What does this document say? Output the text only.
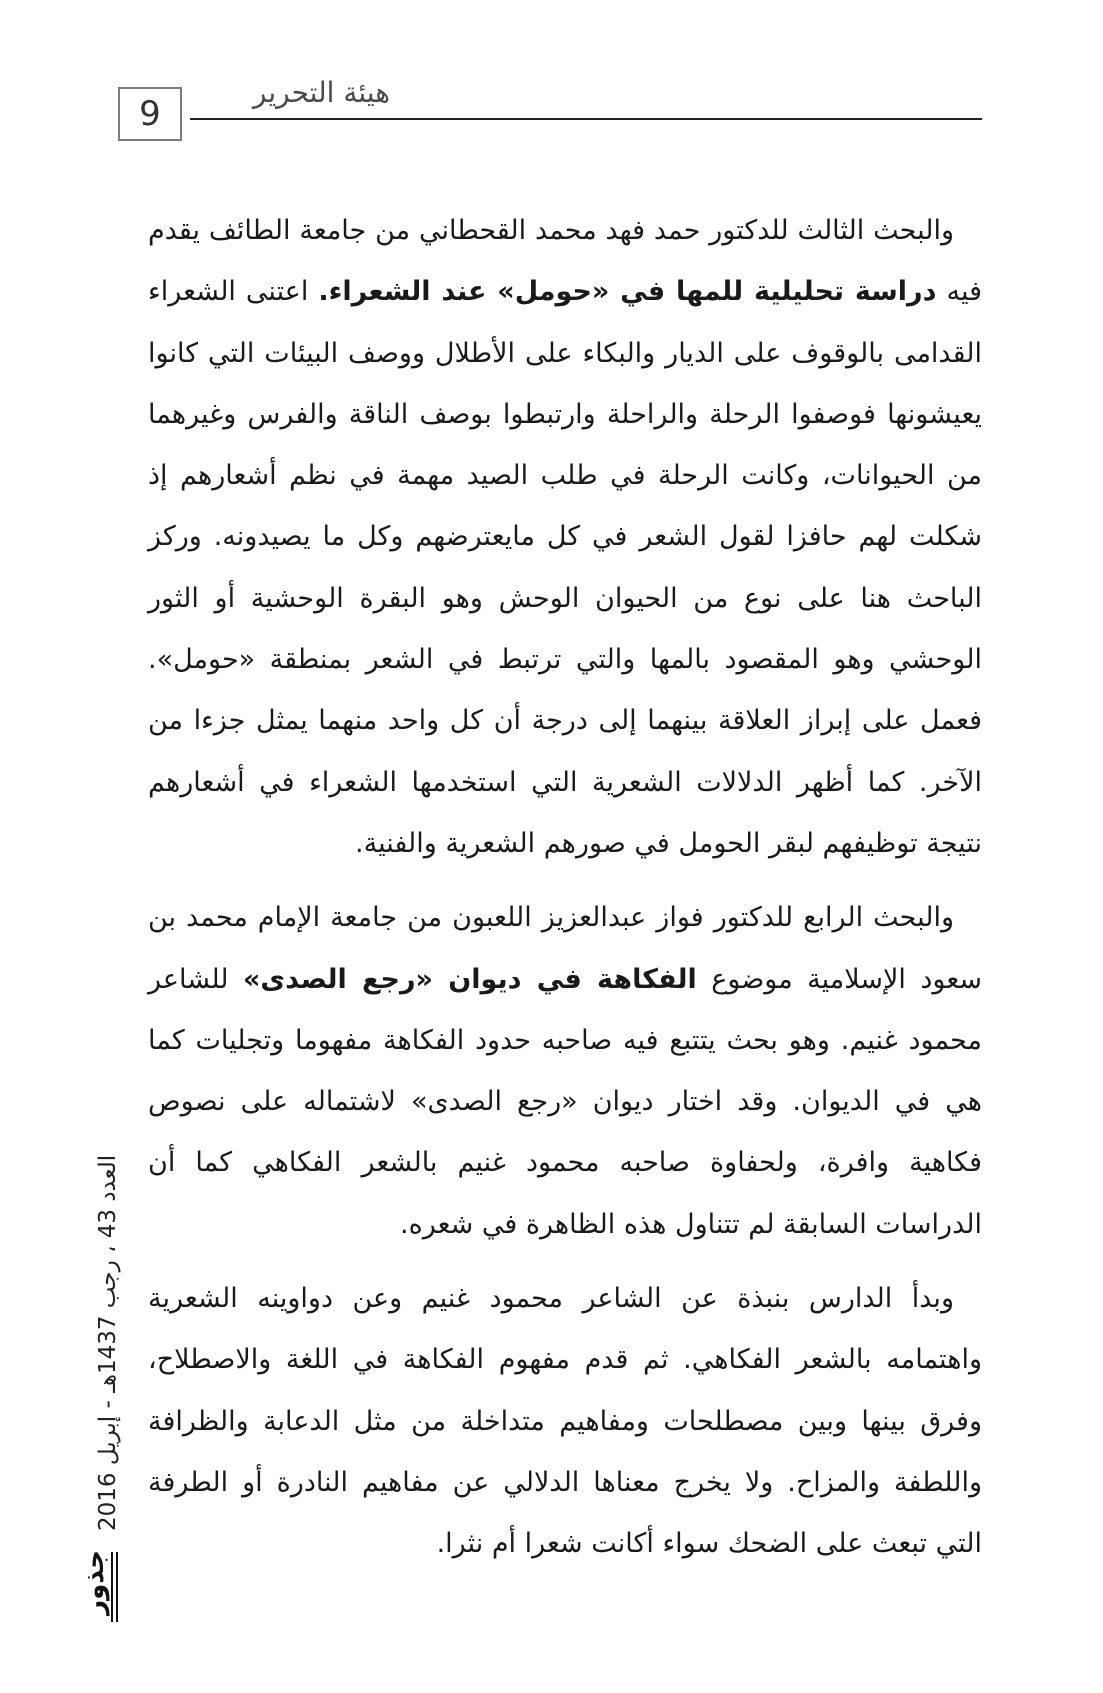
9
هيئة التحرير

والبحث الثالث للدكتور حمد فهد محمد القحطاني من جامعة الطائف يقدم فيه دراسة تحليلية للمها في «حومل» عند الشعراء. اعتنى الشعراء القدامى بالوقوف على الديار والبكاء على الأطلال ووصف البيئات التي كانوا يعيشونها فوصفوا الرحلة والراحلة وارتبطوا بوصف الناقة والفرس وغيرهما من الحيوانات، وكانت الرحلة في طلب الصيد مهمة في نظم أشعارهم إذ شكلت لهم حافزا لقول الشعر في كل مايعترضهم وكل ما يصيدونه. وركز الباحث هنا على نوع من الحيوان الوحش وهو البقرة الوحشية أو الثور الوحشي وهو المقصود بالمها والتي ترتبط في الشعر بمنطقة «حومل». فعمل على إبراز العلاقة بينهما إلى درجة أن كل واحد منهما يمثل جزءا من الآخر. كما أظهر الدلالات الشعرية التي استخدمها الشعراء في أشعارهم نتيجة توظيفهم لبقر الحومل في صورهم الشعرية والفنية.

والبحث الرابع للدكتور فواز عبدالعزيز اللعبون من جامعة الإمام محمد بن سعود الإسلامية موضوع الفكاهة في ديوان «رجع الصدى» للشاعر محمود غنيم. وهو بحث يتتبع فيه صاحبه حدود الفكاهة مفهوما وتجليات كما هي في الديوان. وقد اختار ديوان «رجع الصدى» لاشتماله على نصوص فكاهية وافرة، ولحفاوة صاحبه محمود غنيم بالشعر الفكاهي كما أن الدراسات السابقة لم تتناول هذه الظاهرة في شعره.

وبدأ الدارس بنبذة عن الشاعر محمود غنيم وعن دواوينه الشعرية واهتمامه بالشعر الفكاهي. ثم قدم مفهوم الفكاهة في اللغة والاصطلاح، وفرق بينها وبين مصطلحات ومفاهيم متداخلة من مثل الدعابة والظرافة واللطفة والمزاح. ولا يخرج معناها الدلالي عن مفاهيم النادرة أو الطرفة التي تبعث على الضحك سواء أكانت شعرا أم نثرا.

العدد 43 ، رجب 1437هـ - إبريل 2016
جذور
